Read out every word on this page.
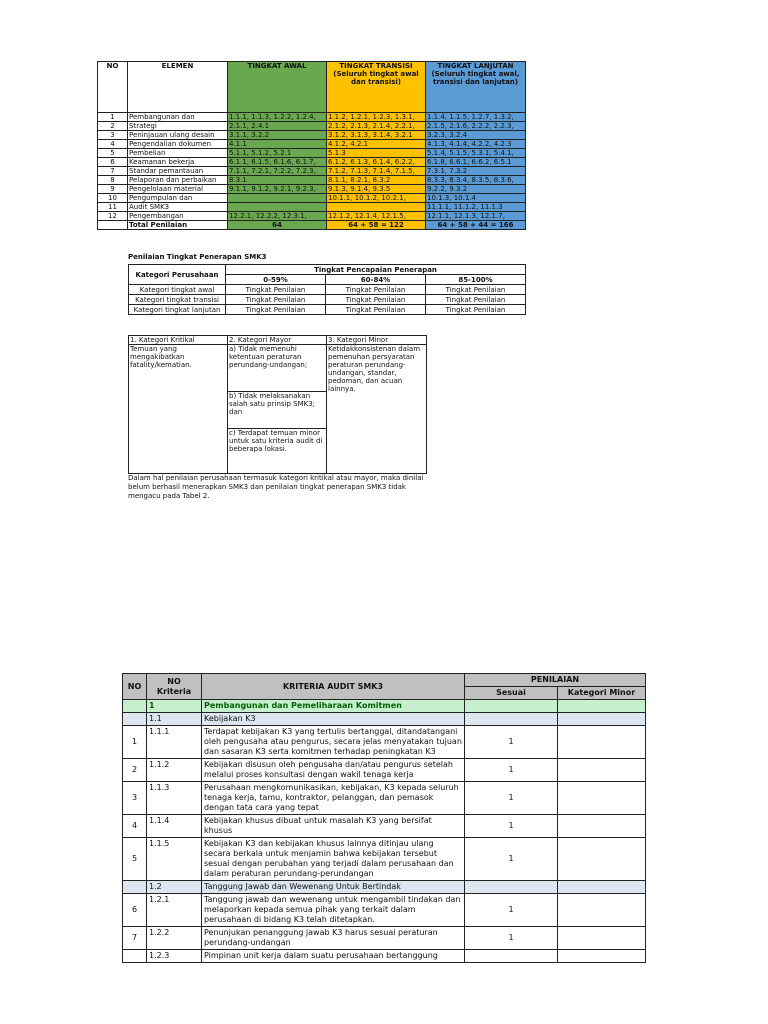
NO	ELEMEN	TINGKAT AWAL	TINGKAT TRANSISI (Seluruh tingkat awal dan transisi)	TINGKAT LANJUTAN (Seluruh tingkat awal, transisi dan lanjutan)
1	Pembangunan dan	1.1.1, 1.1.3, 1.2.2, 1.2.4,	1.1.2, 1.2.1, 1.2.3, 1.3.1,	1.1.4, 1.1.5, 1.2.7, 1.3.2,
2	Strategi	2.1.1, 2.4.1	2.1.2, 2.1.3, 2.1.4, 2.2.1,	2.1.5, 2.1.6, 2.2.2, 2.2.3,
3	Peninjauan ulang desain	3.1.1, 3.2.2	3.1.2, 3.1.3, 3.1.4, 3.2.1	3.2.3, 3.2.4
4	Pengendalian dokumen	4.1.1	4.1.2, 4.2.1	4.1.3, 4.1.4, 4.2.2, 4.2.3
5	Pembelian	5.1.1, 5.1.2, 5.2.1	5.1.3	5.1.4, 5.1.5, 5.3.1, 5.4.1,
6	Keamanan bekerja	6.1.1, 6.1.5, 6.1.6, 6.1.7,	6.1.2, 6.1.3, 6.1.4, 6.2.2,	6.1.8, 6.6.1, 6.6.2, 6.5.1
7	Standar pemantauan	7.1.1, 7.2.1, 7.2.2, 7.2.3,	7.1.2, 7.1.3, 7.1.4, 7.1.5,	7.3.1, 7.3.2
8	Pelaporan dan perbaikan	8.3.1	8.1.1, 8.2.1, 8.3.2	8.3.3, 8.3.4, 8.3.5, 8.3.6,
9	Pengelolaan material	9.1.1, 9.1.2, 9.2.1, 9.2.3,	9.1.3, 9.1.4, 9.3.5	9.2.2, 9.3.2
10	Pengumpulan dan		10.1.1, 10.1.2, 10.2.1,	10.1.3, 10.1.4
11	Audit SMK3			11.1.1, 11.1.2, 11.1.3
12	Pengembangan	12.2.1, 12.2.2, 12.3.1,	12.1.2, 12.1.4, 12.1.5,	12.1.1, 12.1.3, 12.1.7,
	Total Penilaian	64	64 + 58 = 122	64 + 58 + 44 = 166
Penilaian Tingkat Penerapan SMK3
Kategori Perusahaan	Tingkat Pencapaian Penerapan		
	0-59%	60-84%	85-100%
Kategori tingkat awal	Tingkat Penilaian	Tingkat Penilaian	Tingkat Penilaian
Kategori tingkat transisi	Tingkat Penilaian	Tingkat Penilaian	Tingkat Penilaian
Kategori tingkat lanjutan	Tingkat Penilaian	Tingkat Penilaian	Tingkat Penilaian
1. Kategori Kritikal	2. Kategori Mayor	3. Kategori Minor
Temuan yang mengakibatkan fatality/kematian.	a) Tidak memenuhi ketentuan peraturan perundang-undangan;	Ketidakkonsistenan dalam pemenuhan persyaratan peraturan perundang-undangan, standar, pedoman, dan acuan lainnya.
	b) Tidak melaksanakan salah satu prinsip SMK3; dan	
	c) Terdapat temuan minor untuk satu kriteria audit di beberapa lokasi.	
Dalam hal penilaian perusahaan termasuk kategori kritikal atau mayor, maka dinilai belum berhasil menerapkan SMK3 dan penilaian tingkat penerapan SMK3 tidak mengacu pada Tabel 2.
NO	NO Kriteria	KRITERIA AUDIT SMK3	PENILAIAN	
			Sesuai	Kategori Minor
	1	Pembangunan dan Pemeliharaan Komitmen		
	1.1	Kebijakan K3		
1	1.1.1	Terdapat kebijakan K3 yang tertulis bertanggal, ditandatangani oleh pengusaha atau pengurus, secara jelas menyatakan tujuan dan sasaran K3 serta komitmen terhadap peningkatan K3	1	
2	1.1.2	Kebijakan disusun oleh pengusaha dan/atau pengurus setelah melalui proses konsultasi dengan wakil tenaga kerja	1	
3	1.1.3	Perusahaan mengkomunikasikan, kebijakan, K3 kepada seluruh tenaga kerja, tamu, kontraktor, pelanggan, dan pemasok dengan tata cara yang tepat	1	
4	1.1.4	Kebijakan khusus dibuat untuk masalah K3 yang bersifat khusus	1	
5	1.1.5	Kebijakan K3 dan kebijakan khusus lainnya ditinjau ulang secara berkala untuk menjamin bahwa kebijakan tersebut sesuai dengan perubahan yang terjadi dalam perusahaan dan dalam peraturan perundang-perundangan	1	
	1.2	Tanggung Jawab dan Wewenang Untuk Bertindak		
6	1.2.1	Tanggung jawab dan wewenang untuk mengambil tindakan dan melaporkan kepada semua pihak yang terkait dalam perusahaan di bidang K3 telah ditetapkan.	1	
7	1.2.2	Penunjukan penanggung jawab K3 harus sesuai peraturan perundang-undangan	1	
	1.2.3	Pimpinan unit kerja dalam suatu perusahaan bertanggung		
